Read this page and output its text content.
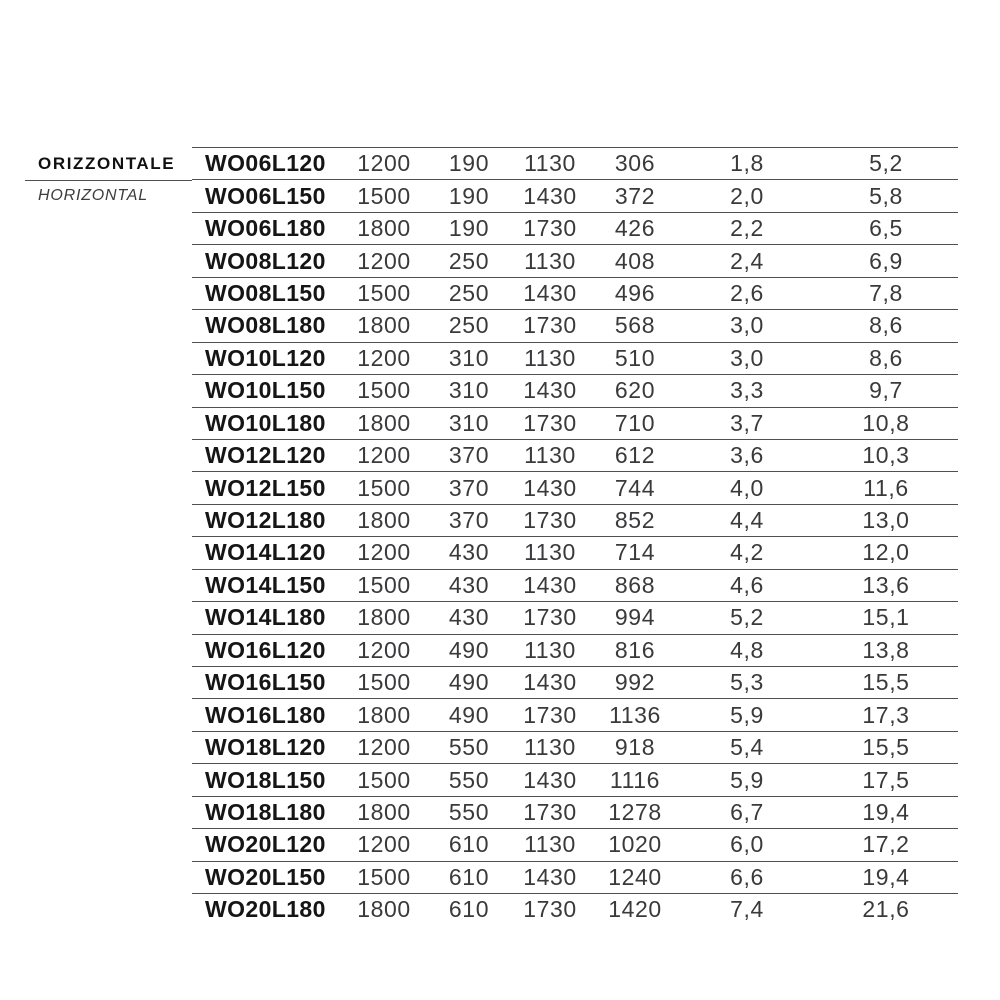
ORIZZONTALE
HORIZONTAL
WO06L120	1200	190	1130	306	1,8	5,2
WO06L150	1500	190	1430	372	2,0	5,8
WO06L180	1800	190	1730	426	2,2	6,5
WO08L120	1200	250	1130	408	2,4	6,9
WO08L150	1500	250	1430	496	2,6	7,8
WO08L180	1800	250	1730	568	3,0	8,6
WO10L120	1200	310	1130	510	3,0	8,6
WO10L150	1500	310	1430	620	3,3	9,7
WO10L180	1800	310	1730	710	3,7	10,8
WO12L120	1200	370	1130	612	3,6	10,3
WO12L150	1500	370	1430	744	4,0	11,6
WO12L180	1800	370	1730	852	4,4	13,0
WO14L120	1200	430	1130	714	4,2	12,0
WO14L150	1500	430	1430	868	4,6	13,6
WO14L180	1800	430	1730	994	5,2	15,1
WO16L120	1200	490	1130	816	4,8	13,8
WO16L150	1500	490	1430	992	5,3	15,5
WO16L180	1800	490	1730	1136	5,9	17,3
WO18L120	1200	550	1130	918	5,4	15,5
WO18L150	1500	550	1430	1116	5,9	17,5
WO18L180	1800	550	1730	1278	6,7	19,4
WO20L120	1200	610	1130	1020	6,0	17,2
WO20L150	1500	610	1430	1240	6,6	19,4
WO20L180	1800	610	1730	1420	7,4	21,6
